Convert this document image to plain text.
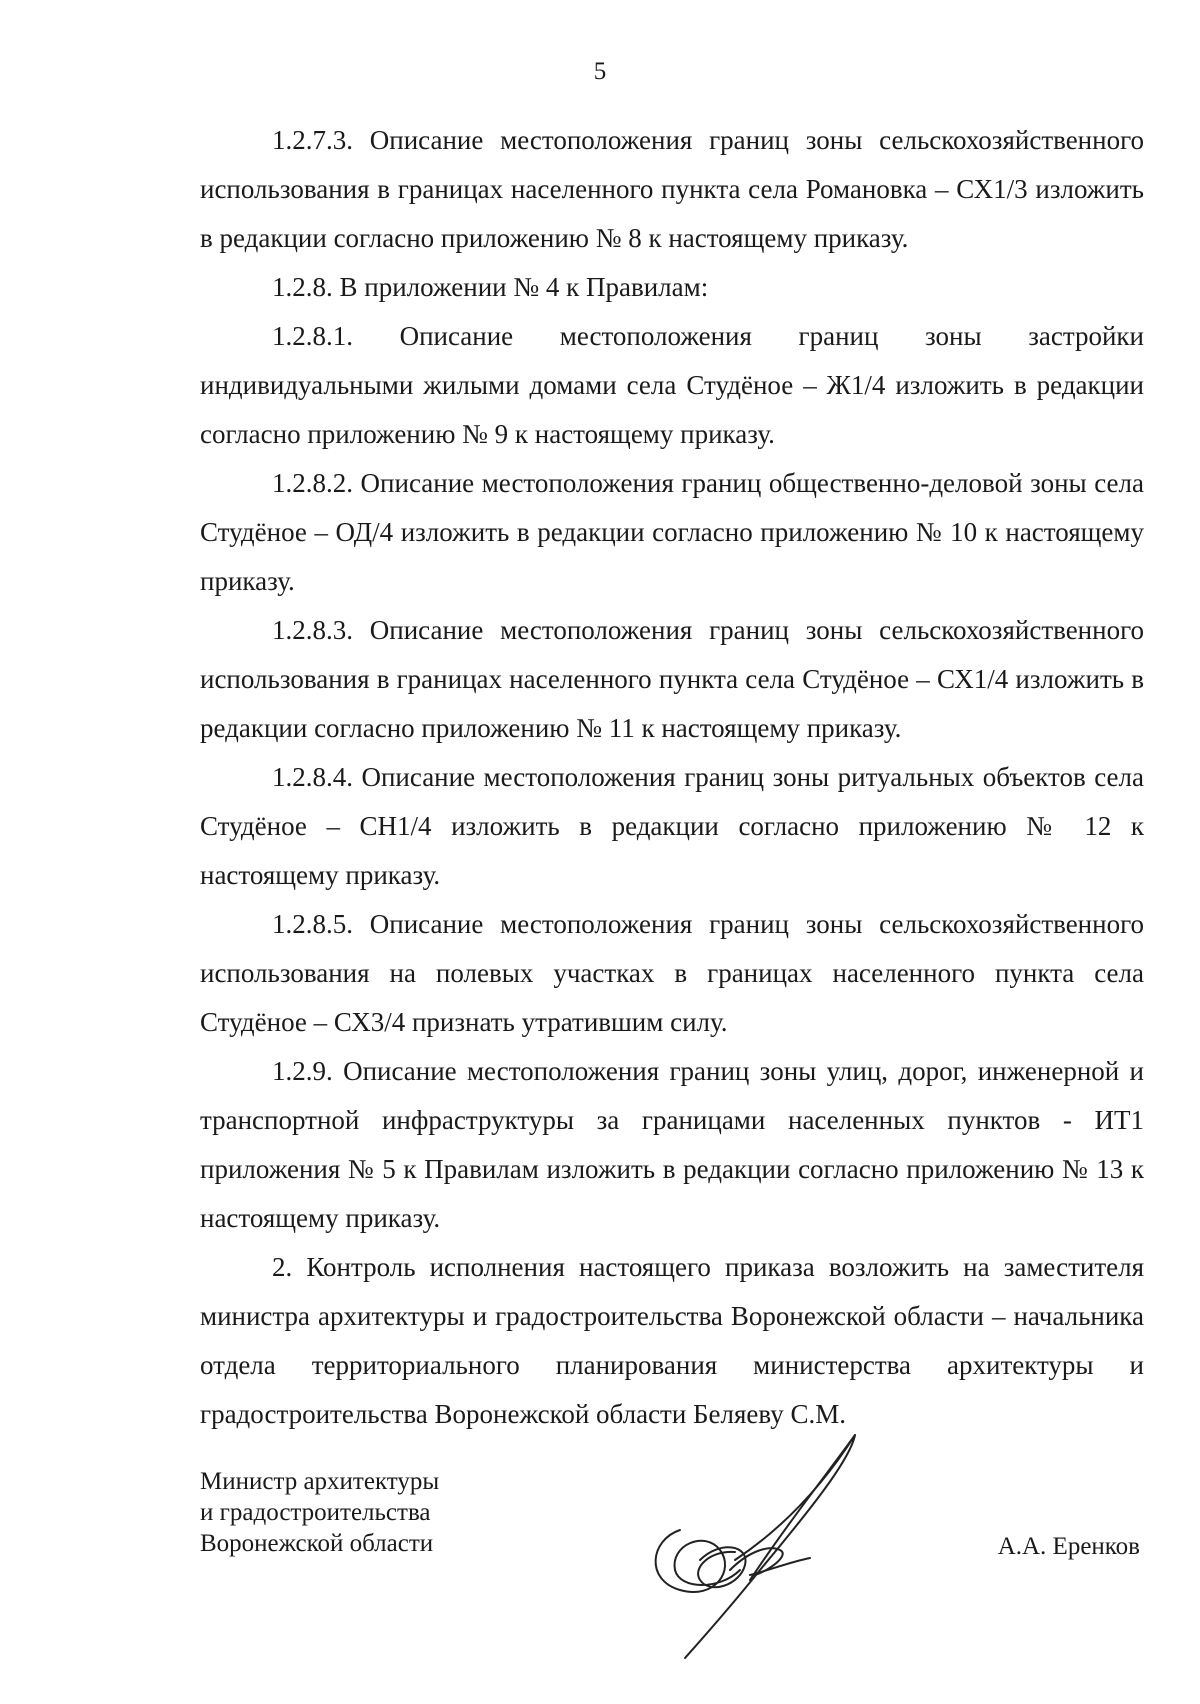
5

1.2.7.3. Описание местоположения границ зоны сельскохозяйственного использования в границах населенного пункта села Романовка – СХ1/3 изложить в редакции согласно приложению № 8 к настоящему приказу.

1.2.8. В приложении № 4 к Правилам:

1.2.8.1. Описание местоположения границ зоны застройки индивидуальными жилыми домами села Студёное – Ж1/4 изложить в редакции согласно приложению № 9 к настоящему приказу.

1.2.8.2. Описание местоположения границ общественно-деловой зоны села Студёное – ОД/4 изложить в редакции согласно приложению № 10 к настоящему приказу.

1.2.8.3. Описание местоположения границ зоны сельскохозяйственного использования в границах населенного пункта села Студёное – СХ1/4 изложить в редакции согласно приложению № 11 к настоящему приказу.

1.2.8.4. Описание местоположения границ зоны ритуальных объектов села Студёное – СН1/4 изложить в редакции согласно приложению № 12 к настоящему приказу.

1.2.8.5. Описание местоположения границ зоны сельскохозяйственного использования на полевых участках в границах населенного пункта села Студёное – СХ3/4 признать утратившим силу.

1.2.9. Описание местоположения границ зоны улиц, дорог, инженерной и транспортной инфраструктуры за границами населенных пунктов - ИТ1 приложения № 5 к Правилам изложить в редакции согласно приложению № 13 к настоящему приказу.

2. Контроль исполнения настоящего приказа возложить на заместителя министра архитектуры и градостроительства Воронежской области – начальника отдела территориального планирования министерства архитектуры и градостроительства Воронежской области Беляеву С.М.

Министр архитектуры
и градостроительства
Воронежской области	А.А. Еренков
